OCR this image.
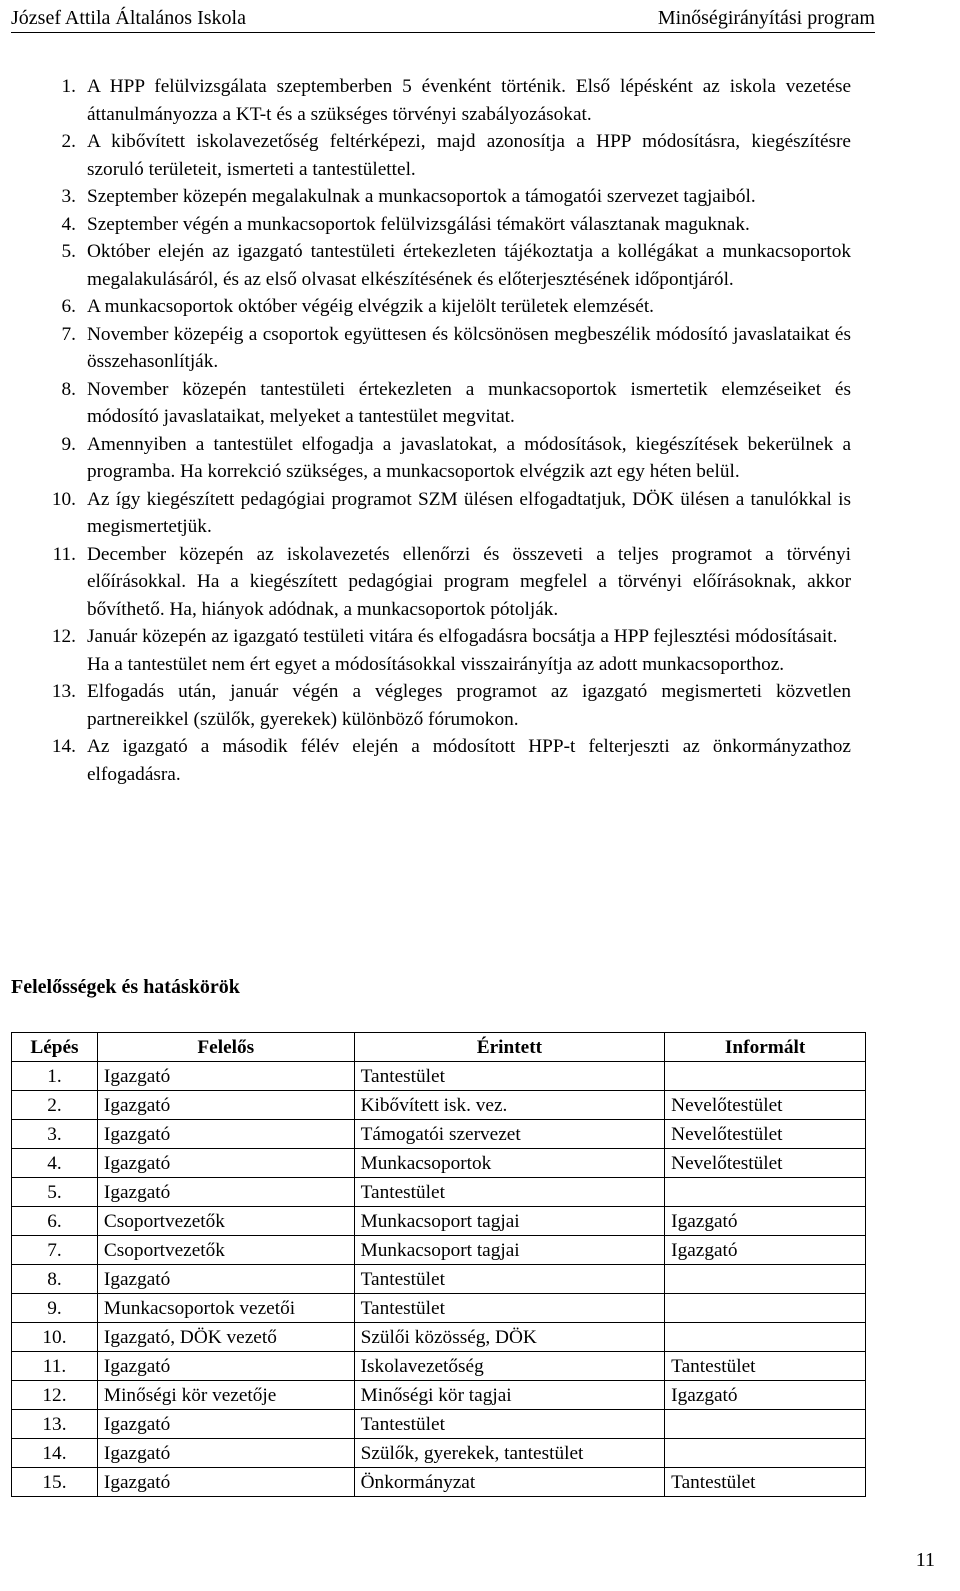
József Attila Általános Iskola	Minőségirányítási program
1. A HPP felülvizsgálata szeptemberben 5 évenként történik. Első lépésként az iskola vezetése áttanulmányozza a KT-t és a szükséges törvényi szabályozásokat.
2. A kibővített iskolavezetőség feltérképezi, majd azonosítja a HPP módosításra, kiegészítésre szoruló területeit, ismerteti a tantestülettel.
3. Szeptember közepén megalakulnak a munkacsoportok a támogatói szervezet tagjaiból.
4. Szeptember végén a munkacsoportok felülvizsgálási témakört választanak maguknak.
5. Október elején az igazgató tantestületi értekezleten tájékoztatja a kollégákat a munkacsoportok megalakulásáról, és az első olvasat elkészítésének és előterjesztésének időpontjáról.
6. A munkacsoportok október végéig elvégzik a kijelölt területek elemzését.
7. November közepéig a csoportok együttesen és kölcsönösen megbeszélik módosító javaslataikat és összehasonlítják.
8. November közepén tantestületi értekezleten a munkacsoportok ismertetik elemzéseiket és módosító javaslataikat, melyeket a tantestület megvitat.
9. Amennyiben a tantestület elfogadja a javaslatokat, a módosítások, kiegészítések bekerülnek a programba. Ha korrekció szükséges, a munkacsoportok elvégzik azt egy héten belül.
10. Az így kiegészített pedagógiai programot SZM ülésen elfogadtatjuk, DÖK ülésen a tanulókkal is megismertetjük.
11. December közepén az iskolavezetés ellenőrzi és összeveti a teljes programot a törvényi előírásokkal. Ha a kiegészített pedagógiai program megfelel a törvényi előírásoknak, akkor bővíthető. Ha, hiányok adódnak, a munkacsoportok pótolják.
12. Január közepén az igazgató testületi vitára és elfogadásra bocsátja a HPP fejlesztési módosításait.
Ha a tantestület nem ért egyet a módosításokkal visszairányítja az adott munkacsoporthoz.
13. Elfogadás után, január végén a végleges programot az igazgató megismerteti közvetlen partnereikkel (szülők, gyerekek) különböző fórumokon.
14. Az igazgató a második félév elején a módosított HPP-t felterjeszti az önkormányzathoz elfogadásra.
Felelősségek és hatáskörök
Lépés	Felelős	Érintett	Informált
1.	Igazgató	Tantestület	
2.	Igazgató	Kibővített isk. vez.	Nevelőtestület
3.	Igazgató	Támogatói szervezet	Nevelőtestület
4.	Igazgató	Munkacsoportok	Nevelőtestület
5.	Igazgató	Tantestület	
6.	Csoportvezetők	Munkacsoport tagjai	Igazgató
7.	Csoportvezetők	Munkacsoport tagjai	Igazgató
8.	Igazgató	Tantestület	
9.	Munkacsoportok vezetői	Tantestület	
10.	Igazgató, DÖK vezető	Szülői közösség, DÖK	
11.	Igazgató	Iskolavezetőség	Tantestület
12.	Minőségi kör vezetője	Minőségi kör tagjai	Igazgató
13.	Igazgató	Tantestület	
14.	Igazgató	Szülők, gyerekek, tantestület	
15.	Igazgató	Önkormányzat	Tantestület
11
